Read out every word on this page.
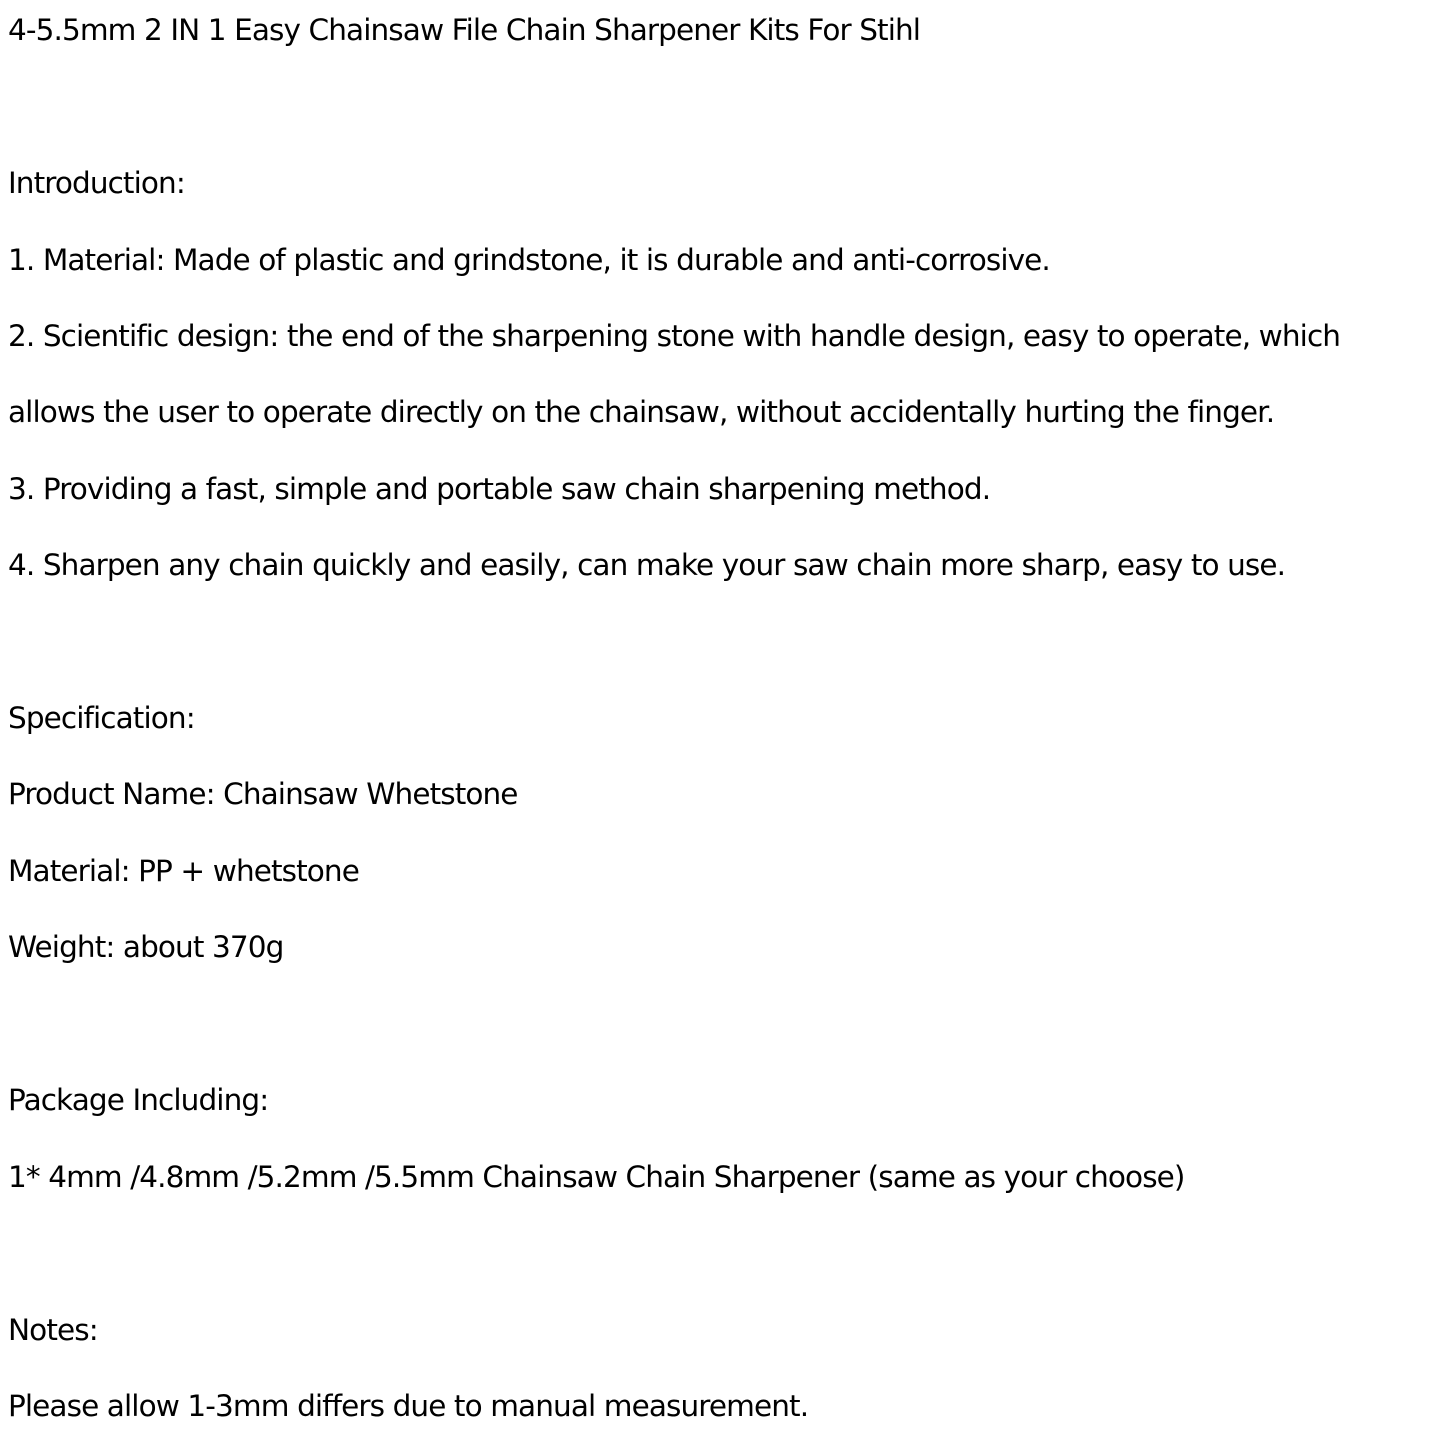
4-5.5mm 2 IN 1 Easy Chainsaw File Chain Sharpener Kits For Stihl

Introduction:

1. Material: Made of plastic and grindstone, it is durable and anti-corrosive.

2. Scientific design: the end of the sharpening stone with handle design, easy to operate, which

allows the user to operate directly on the chainsaw, without accidentally hurting the finger.

3. Providing a fast, simple and portable saw chain sharpening method.

4. Sharpen any chain quickly and easily, can make your saw chain more sharp, easy to use.

Specification:

Product Name: Chainsaw Whetstone

Material: PP + whetstone

Weight: about 370g

Package Including:

1* 4mm /4.8mm /5.2mm /5.5mm Chainsaw Chain Sharpener (same as your choose)

Notes:

Please allow 1-3mm differs due to manual measurement.
